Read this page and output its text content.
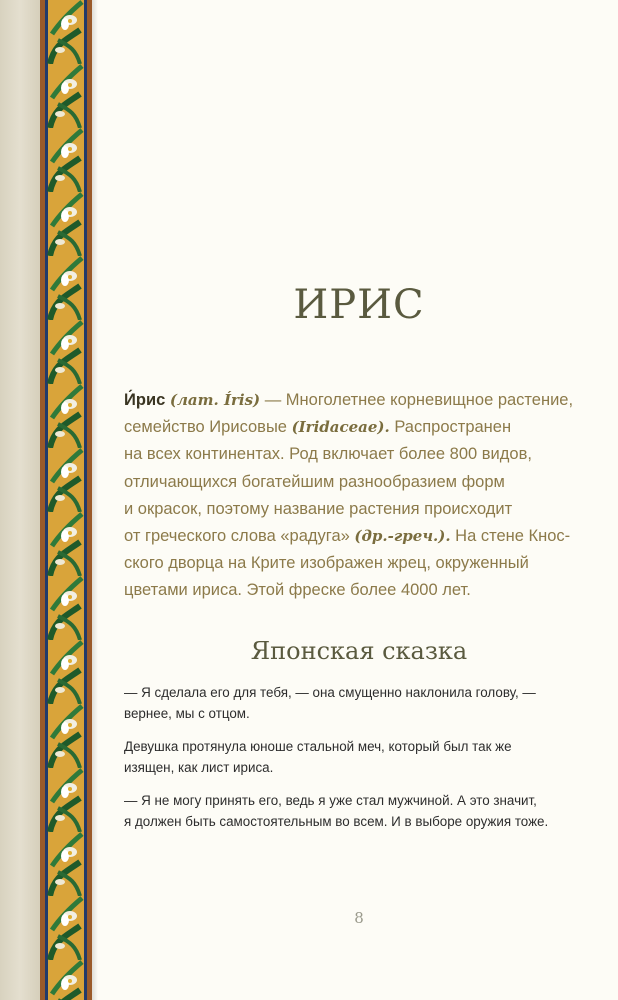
ИРИС

И́рис (лат. Íris) — Многолетнее корневищное растение,
семейство Ирисовые (Iridaceae). Распространен
на всех континентах. Род включает более 800 видов,
отличающихся богатейшим разнообразием форм
и окрасок, поэтому название растения происходит
от греческого слова «радуга» (др.-греч.). На стене Кнос-
ского дворца на Крите изображен жрец, окруженный
цветами ириса. Этой фреске более 4000 лет.

Японская сказка

— Я сделала его для тебя, — она смущенно наклонила голову, —
вернее, мы с отцом.

Девушка протянула юноше стальной меч, который был так же
изящен, как лист ириса.

— Я не могу принять его, ведь я уже стал мужчиной. А это значит,
я должен быть самостоятельным во всем. И в выборе оружия тоже.

8
